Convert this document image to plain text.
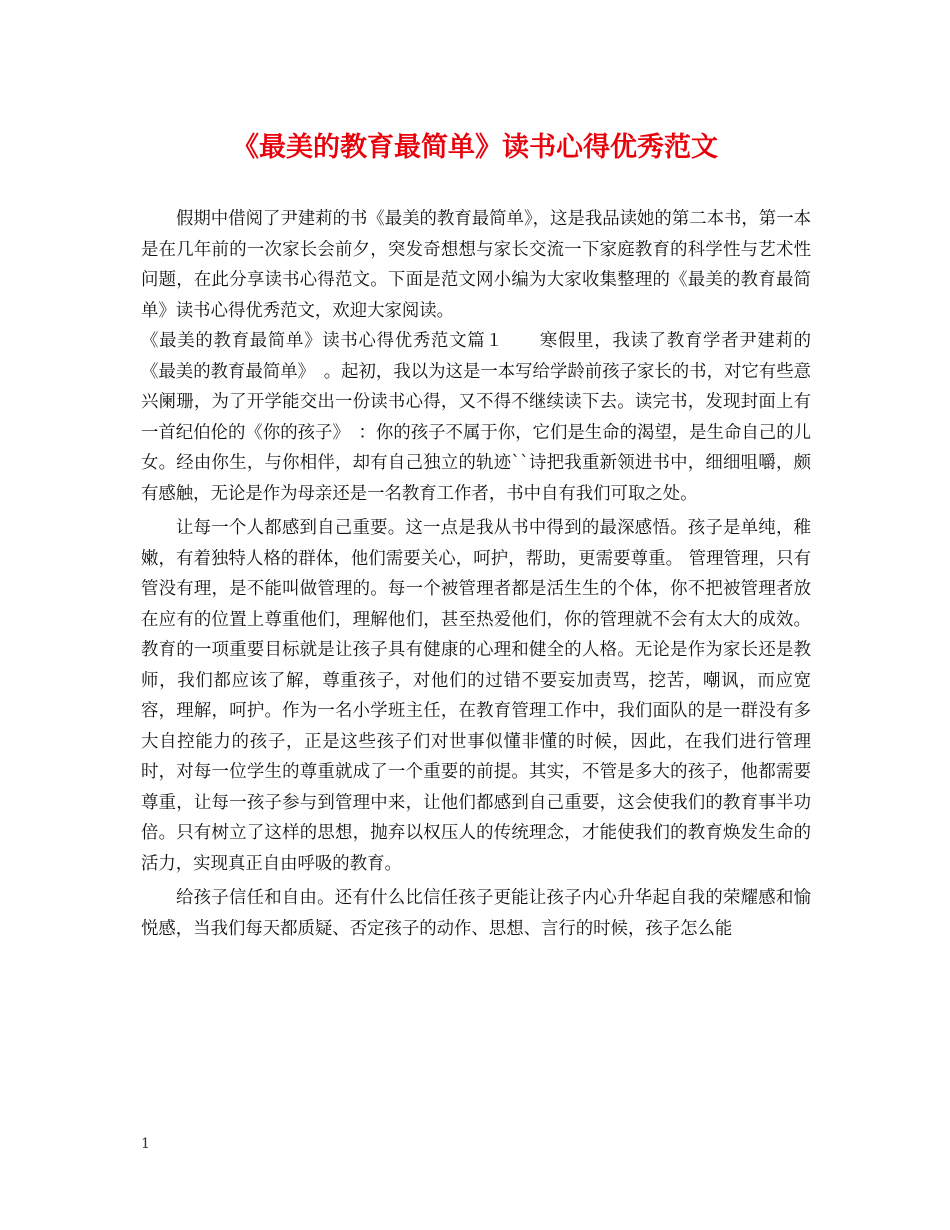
《最美的教育最简单》读书心得优秀范文

假期中借阅了尹建莉的书《最美的教育最简单》，这是我品读她的第二本书，第一本是在几年前的一次家长会前夕，突发奇想想与家长交流一下家庭教育的科学性与艺术性问题，在此分享读书心得范文。下面是范文网小编为大家收集整理的《最美的教育最简单》读书心得优秀范文，欢迎大家阅读。

《最美的教育最简单》读书心得优秀范文篇１　　寒假里，我读了教育学者尹建莉的《最美的教育最简单》　。起初，我以为这是一本写给学龄前孩子家长的书，对它有些意兴阑珊，为了开学能交出一份读书心得，又不得不继续读下去。读完书，发现封面上有一首纪伯伦的《你的孩子》　：你的孩子不属于你，它们是生命的渴望，是生命自己的儿女。经由你生，与你相伴，却有自己独立的轨迹``诗把我重新领进书中，细细咀嚼，颇有感触，无论是作为母亲还是一名教育工作者，书中自有我们可取之处。

让每一个人都感到自己重要。这一点是我从书中得到的最深感悟。孩子是单纯，稚嫩，有着独特人格的群体，他们需要关心，呵护，帮助，更需要尊重。 管理管理，只有管没有理，是不能叫做管理的。每一个被管理者都是活生生的个体，你不把被管理者放在应有的位置上尊重他们，理解他们，甚至热爱他们，你的管理就不会有太大的成效。教育的一项重要目标就是让孩子具有健康的心理和健全的人格。无论是作为家长还是教师，我们都应该了解，尊重孩子，对他们的过错不要妄加责骂，挖苦，嘲讽，而应宽容，理解，呵护。作为一名小学班主任，在教育管理工作中，我们面队的是一群没有多大自控能力的孩子，正是这些孩子们对世事似懂非懂的时候，因此，在我们进行管理时，对每一位学生的尊重就成了一个重要的前提。其实，不管是多大的孩子，他都需要尊重，让每一孩子参与到管理中来，让他们都感到自己重要，这会使我们的教育事半功倍。只有树立了这样的思想，抛弃以权压人的传统理念，才能使我们的教育焕发生命的活力，实现真正自由呼吸的教育。

给孩子信任和自由。还有什么比信任孩子更能让孩子内心升华起自我的荣耀感和愉悦感，当我们每天都质疑、否定孩子的动作、思想、言行的时候，孩子怎么能

1
